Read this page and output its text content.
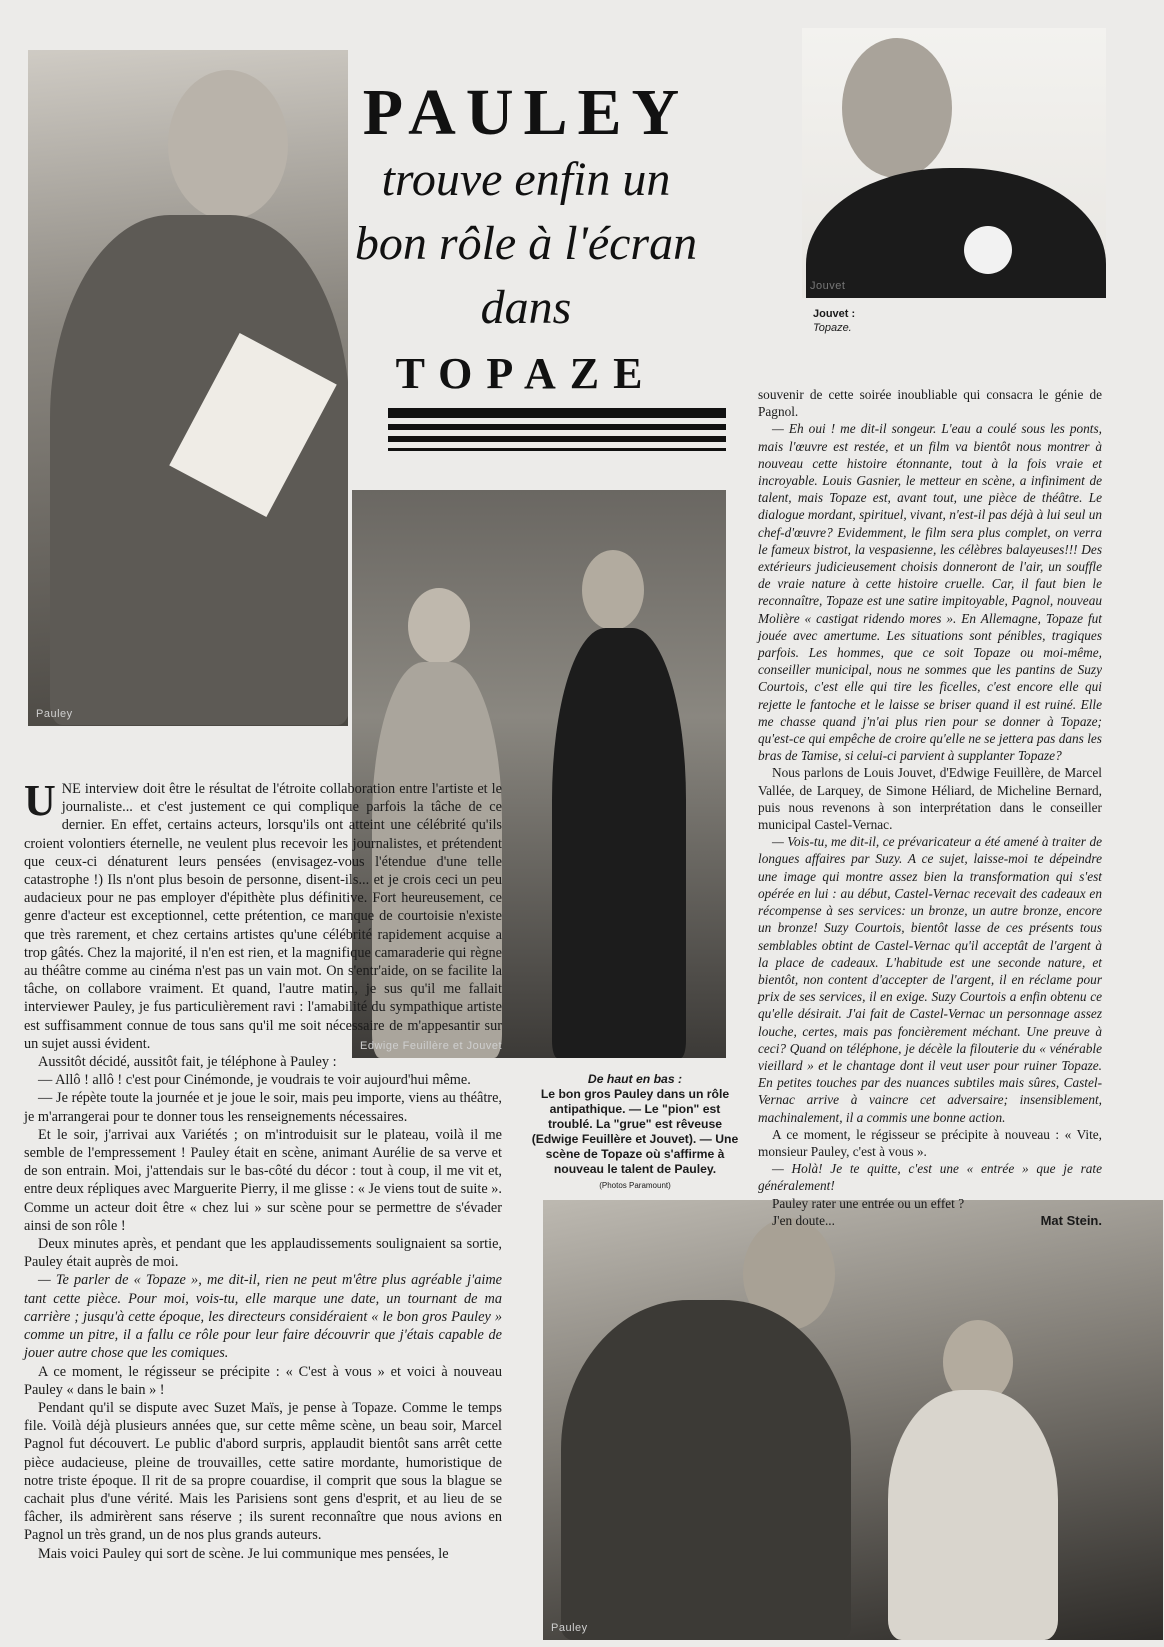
Pauley
PAULEY
trouve enfin un
bon rôle à l'écran
dans
TOPAZE
Jouvet
Jouvet :
Topaze.
Edwige Feuillère et Jouvet
De haut en bas :
Le bon gros Pauley dans un rôle antipathique. — Le "pion" est troublé. La "grue" est rêveuse (Edwige Feuillère et Jouvet). — Une scène de Topaze où s'affirme à nouveau le talent de Pauley.
(Photos Paramount)
Pauley

UNE interview doit être le résultat de l'étroite collaboration entre l'artiste et le journaliste... et c'est justement ce qui complique parfois la tâche de ce dernier. En effet, certains acteurs, lorsqu'ils ont atteint une célébrité qu'ils croient volontiers éternelle, ne veulent plus recevoir les journalistes, et prétendent que ceux-ci dénaturent leurs pensées (envisagez-vous l'étendue d'une telle catastrophe !) Ils n'ont plus besoin de personne, disent-ils... et je crois ceci un peu audacieux pour ne pas employer d'épithète plus définitive. Fort heureusement, ce genre d'acteur est exceptionnel, cette prétention, ce manque de courtoisie n'existe que très rarement, et chez certains artistes qu'une célébrité rapidement acquise a trop gâtés. Chez la majorité, il n'en est rien, et la magnifique camaraderie qui règne au théâtre comme au cinéma n'est pas un vain mot. On s'entr'aide, on se facilite la tâche, on collabore vraiment. Et quand, l'autre matin, je sus qu'il me fallait interviewer Pauley, je fus particulièrement ravi : l'amabilité du sympathique artiste est suffisamment connue de tous sans qu'il me soit nécessaire de m'appesantir sur un sujet aussi évident.

Aussitôt décidé, aussitôt fait, je téléphone à Pauley :

— Allô ! allô ! c'est pour Cinémonde, je voudrais te voir aujourd'hui même.

— Je répète toute la journée et je joue le soir, mais peu importe, viens au théâtre, je m'arrangerai pour te donner tous les renseignements nécessaires.

Et le soir, j'arrivai aux Variétés ; on m'introduisit sur le plateau, voilà il me semble de l'empressement ! Pauley était en scène, animant Aurélie de sa verve et de son entrain. Moi, j'attendais sur le bas-côté du décor : tout à coup, il me vit et, entre deux répliques avec Marguerite Pierry, il me glisse : « Je viens tout de suite ». Comme un acteur doit être « chez lui » sur scène pour se permettre de s'évader ainsi de son rôle !

Deux minutes après, et pendant que les applaudissements soulignaient sa sortie, Pauley était auprès de moi.

— Te parler de « Topaze », me dit-il, rien ne peut m'être plus agréable j'aime tant cette pièce. Pour moi, vois-tu, elle marque une date, un tournant de ma carrière ; jusqu'à cette époque, les directeurs considéraient « le bon gros Pauley » comme un pitre, il a fallu ce rôle pour leur faire découvrir que j'étais capable de jouer autre chose que les comiques.

A ce moment, le régisseur se précipite : « C'est à vous » et voici à nouveau Pauley « dans le bain » !

Pendant qu'il se dispute avec Suzet Maïs, je pense à Topaze. Comme le temps file. Voilà déjà plusieurs années que, sur cette même scène, un beau soir, Marcel Pagnol fut découvert. Le public d'abord surpris, applaudit bientôt sans arrêt cette pièce audacieuse, pleine de trouvailles, cette satire mordante, humoristique de notre triste époque. Il rit de sa propre couardise, il comprit que sous la blague se cachait plus d'une vérité. Mais les Parisiens sont gens d'esprit, et au lieu de se fâcher, ils admirèrent sans réserve ; ils surent reconnaître que nous avions en Pagnol un très grand, un de nos plus grands auteurs.

Mais voici Pauley qui sort de scène. Je lui communique mes pensées, le

souvenir de cette soirée inoubliable qui consacra le génie de Pagnol.

— Eh oui ! me dit-il songeur. L'eau a coulé sous les ponts, mais l'œuvre est restée, et un film va bientôt nous montrer à nouveau cette histoire étonnante, tout à la fois vraie et incroyable. Louis Gasnier, le metteur en scène, a infiniment de talent, mais Topaze est, avant tout, une pièce de théâtre. Le dialogue mordant, spirituel, vivant, n'est-il pas déjà à lui seul un chef-d'œuvre? Evidemment, le film sera plus complet, on verra le fameux bistrot, la vespasienne, les célèbres balayeuses!!! Des extérieurs judicieusement choisis donneront de l'air, un souffle de vraie nature à cette histoire cruelle. Car, il faut bien le reconnaître, Topaze est une satire impitoyable, Pagnol, nouveau Molière « castigat ridendo mores ». En Allemagne, Topaze fut jouée avec amertume. Les situations sont pénibles, tragiques parfois. Les hommes, que ce soit Topaze ou moi-même, conseiller municipal, nous ne sommes que les pantins de Suzy Courtois, c'est elle qui tire les ficelles, c'est encore elle qui rejette le fantoche et le laisse se briser quand il est ruiné. Elle me chasse quand j'n'ai plus rien pour se donner à Topaze; qu'est-ce qui empêche de croire qu'elle ne se jettera pas dans les bras de Tamise, si celui-ci parvient à supplanter Topaze?

Nous parlons de Louis Jouvet, d'Edwige Feuillère, de Marcel Vallée, de Larquey, de Simone Héliard, de Micheline Bernard, puis nous revenons à son interprétation dans le conseiller municipal Castel-Vernac.

— Vois-tu, me dit-il, ce prévaricateur a été amené à traiter de longues affaires par Suzy. A ce sujet, laisse-moi te dépeindre une image qui montre assez bien la transformation qui s'est opérée en lui : au début, Castel-Vernac recevait des cadeaux en récompense à ses services: un bronze, un autre bronze, encore un bronze! Suzy Courtois, bientôt lasse de ces présents tous semblables obtint de Castel-Vernac qu'il acceptât de l'argent à la place de cadeaux. L'habitude est une seconde nature, et bientôt, non content d'accepter de l'argent, il en réclame pour prix de ses services, il en exige. Suzy Courtois a enfin obtenu ce qu'elle désirait. J'ai fait de Castel-Vernac un personnage assez louche, certes, mais pas foncièrement méchant. Une preuve à ceci? Quand on téléphone, je décèle la filouterie du « vénérable vieillard » et le chantage dont il veut user pour ruiner Topaze. En petites touches par des nuances subtiles mais sûres, Castel-Vernac arrive à vaincre cet adversaire; insensiblement, machinalement, il a commis une bonne action.

A ce moment, le régisseur se précipite à nouveau : « Vite, monsieur Pauley, c'est à vous ».

— Holà! Je te quitte, c'est une « entrée » que je rate généralement!

Pauley rater une entrée ou un effet ?

J'en doute...	Mat Stein.
